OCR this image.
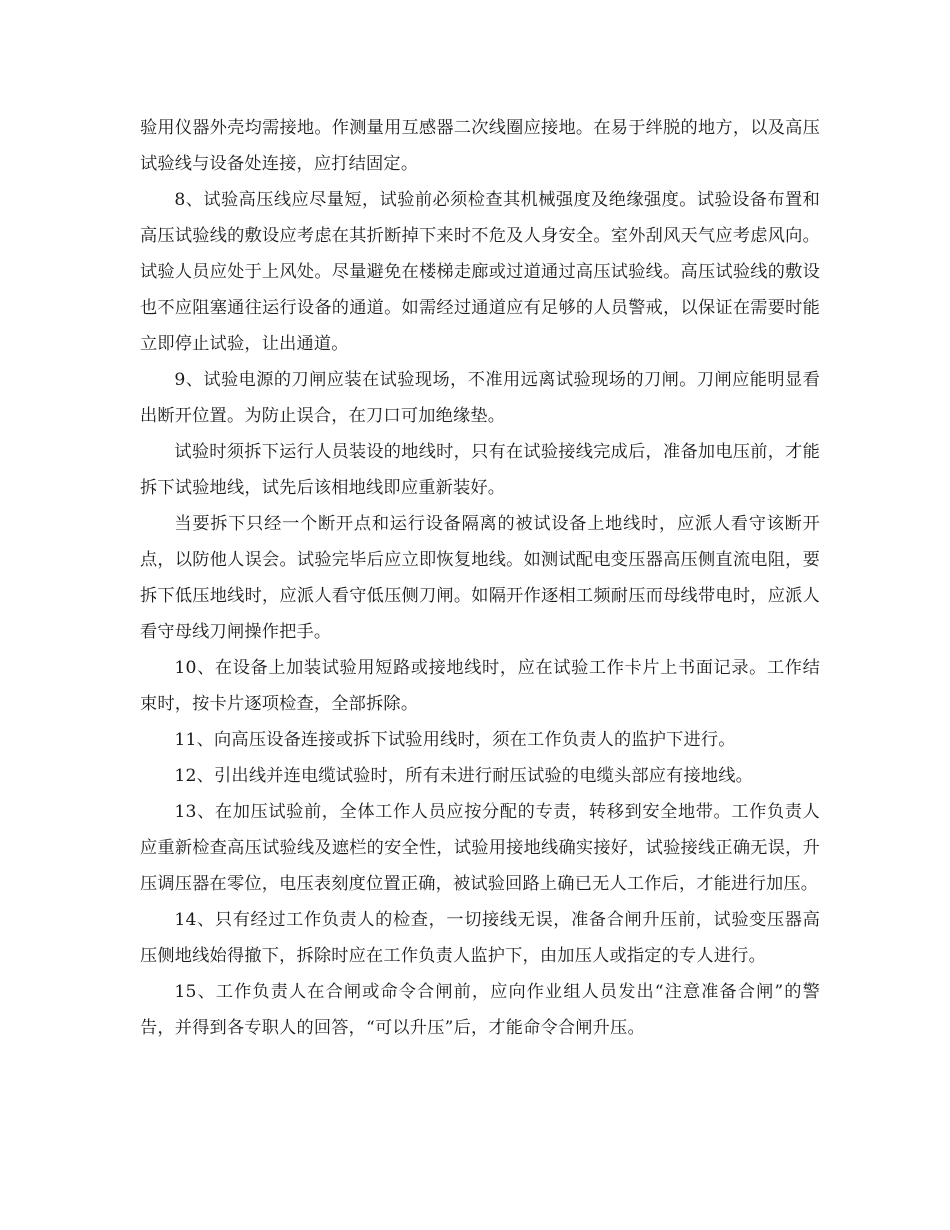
验用仪器外壳均需接地。作测量用互感器二次线圈应接地。在易于绊脱的地方，以及高压试验线与设备处连接，应打结固定。

8、试验高压线应尽量短，试验前必须检查其机械强度及绝缘强度。试验设备布置和高压试验线的敷设应考虑在其折断掉下来时不危及人身安全。室外刮风天气应考虑风向。试验人员应处于上风处。尽量避免在楼梯走廊或过道通过高压试验线。高压试验线的敷设也不应阻塞通往运行设备的通道。如需经过通道应有足够的人员警戒，以保证在需要时能立即停止试验，让出通道。

9、试验电源的刀闸应装在试验现场，不准用远离试验现场的刀闸。刀闸应能明显看出断开位置。为防止误合，在刀口可加绝缘垫。

试验时须拆下运行人员装设的地线时，只有在试验接线完成后，准备加电压前，才能拆下试验地线，试先后该相地线即应重新装好。

当要拆下只经一个断开点和运行设备隔离的被试设备上地线时，应派人看守该断开点，以防他人误会。试验完毕后应立即恢复地线。如测试配电变压器高压侧直流电阻，要拆下低压地线时，应派人看守低压侧刀闸。如隔开作逐相工频耐压而母线带电时，应派人看守母线刀闸操作把手。

10、在设备上加装试验用短路或接地线时，应在试验工作卡片上书面记录。工作结束时，按卡片逐项检查，全部拆除。

11、向高压设备连接或拆下试验用线时，须在工作负责人的监护下进行。

12、引出线并连电缆试验时，所有未进行耐压试验的电缆头部应有接地线。

13、在加压试验前，全体工作人员应按分配的专责，转移到安全地带。工作负责人应重新检查高压试验线及遮栏的安全性，试验用接地线确实接好，试验接线正确无误，升压调压器在零位，电压表刻度位置正确，被试验回路上确已无人工作后，才能进行加压。

14、只有经过工作负责人的检查，一切接线无误，准备合闸升压前，试验变压器高压侧地线始得撤下，拆除时应在工作负责人监护下，由加压人或指定的专人进行。

15、工作负责人在合闸或命令合闸前，应向作业组人员发出“注意准备合闸”的警告，并得到各专职人的回答，“可以升压”后，才能命令合闸升压。
